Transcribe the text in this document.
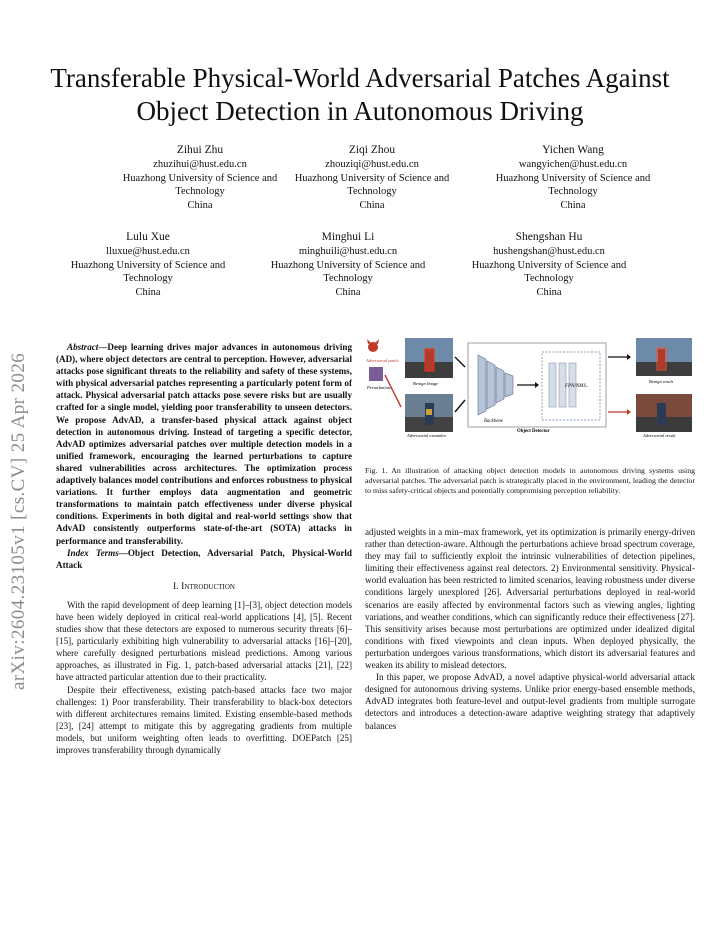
Transferable Physical-World Adversarial Patches Against Object Detection in Autonomous Driving
Zihui Zhu
zhuzihui@hust.edu.cn
Huazhong University of Science and Technology
China
Ziqi Zhou
zhouziqi@hust.edu.cn
Huazhong University of Science and Technology
China
Yichen Wang
wangyichen@hust.edu.cn
Huazhong University of Science and Technology
China
Lulu Xue
lluxue@hust.edu.cn
Huazhong University of Science and Technology
China
Minghui Li
minghuili@hust.edu.cn
Huazhong University of Science and Technology
China
Shengshan Hu
hushengshan@hust.edu.cn
Huazhong University of Science and Technology
China
arXiv:2604.23105v1 [cs.CV] 25 Apr 2026

Abstract—Deep learning drives major advances in autonomous driving (AD), where object detectors are central to perception. However, adversarial attacks pose significant threats to the reliability and safety of these systems, with physical adversarial patches representing a particularly potent form of attack. Physical adversarial patch attacks pose severe risks but are usually crafted for a single model, yielding poor transferability to unseen detectors. We propose AdvAD, a transfer-based physical attack against object detection in autonomous driving. Instead of targeting a specific detector, AdvAD optimizes adversarial patches over multiple detection models in a unified framework, encouraging the learned perturbations to capture shared vulnerabilities across architectures. The optimization process adaptively balances model contributions and enforces robustness to physical variations. It further employs data augmentation and geometric transformations to maintain patch effectiveness under diverse physical conditions. Experiments in both digital and real-world settings show that AdvAD consistently outperforms state-of-the-art (SOTA) attacks in performance and transferability.

Index Terms—Object Detection, Adversarial Patch, Physical-World Attack

I. Introduction

With the rapid development of deep learning [1]–[3], object detection models have been widely deployed in critical real-world applications [4], [5]. Recent studies show that these detectors are exposed to numerous security threats [6]–[15], particularly exhibiting high vulnerability to adversarial attacks [16]–[20], where carefully designed perturbations mislead predictions. Among various approaches, as illustrated in Fig. 1, patch-based adversarial attacks [21], [22] have attracted particular attention due to their practicality.

Despite their effectiveness, existing patch-based attacks face two major challenges: 1) Poor transferability. Their transferability to black-box detectors with different architectures remains limited. Existing ensemble-based methods [23], [24] attempt to mitigate this by aggregating gradients from multiple models, but uniform weighting often leads to overfitting. DOEPatch [25] improves transferability through dynamically

Adversarial patch
Perturbations
Benign Image
Adversarial examples
Backbone
FPN/NMS..
Object Detector
Benign result
Adversarial result
Fig. 1. An illustration of attacking object detection models in autonomous driving systems using adversarial patches. The adversarial patch is strategically placed in the environment, leading the detector to miss safety-critical objects and potentially compromising perception reliability.

adjusted weights in a min–max framework, yet its optimization is primarily energy-driven rather than detection-aware. Although the perturbations achieve broad spectrum coverage, they may fail to sufficiently exploit the intrinsic vulnerabilities of detection pipelines, limiting their effectiveness against real detectors. 2) Environmental sensitivity. Physical-world evaluation has been restricted to limited scenarios, leaving robustness under diverse conditions largely unexplored [26]. Adversarial perturbations deployed in real-world scenarios are easily affected by environmental factors such as viewing angles, lighting variations, and weather conditions, which can significantly reduce their effectiveness [27]. This sensitivity arises because most perturbations are optimized under idealized digital conditions with fixed viewpoints and clean inputs. When deployed physically, the perturbation undergoes various transformations, which distort its adversarial features and weaken its ability to mislead detectors.

In this paper, we propose AdvAD, a novel adaptive physical-world adversarial attack designed for autonomous driving systems. Unlike prior energy-based ensemble methods, AdvAD integrates both feature-level and output-level gradients from multiple surrogate detectors and introduces a detection-aware adaptive weighting strategy that adaptively balances
